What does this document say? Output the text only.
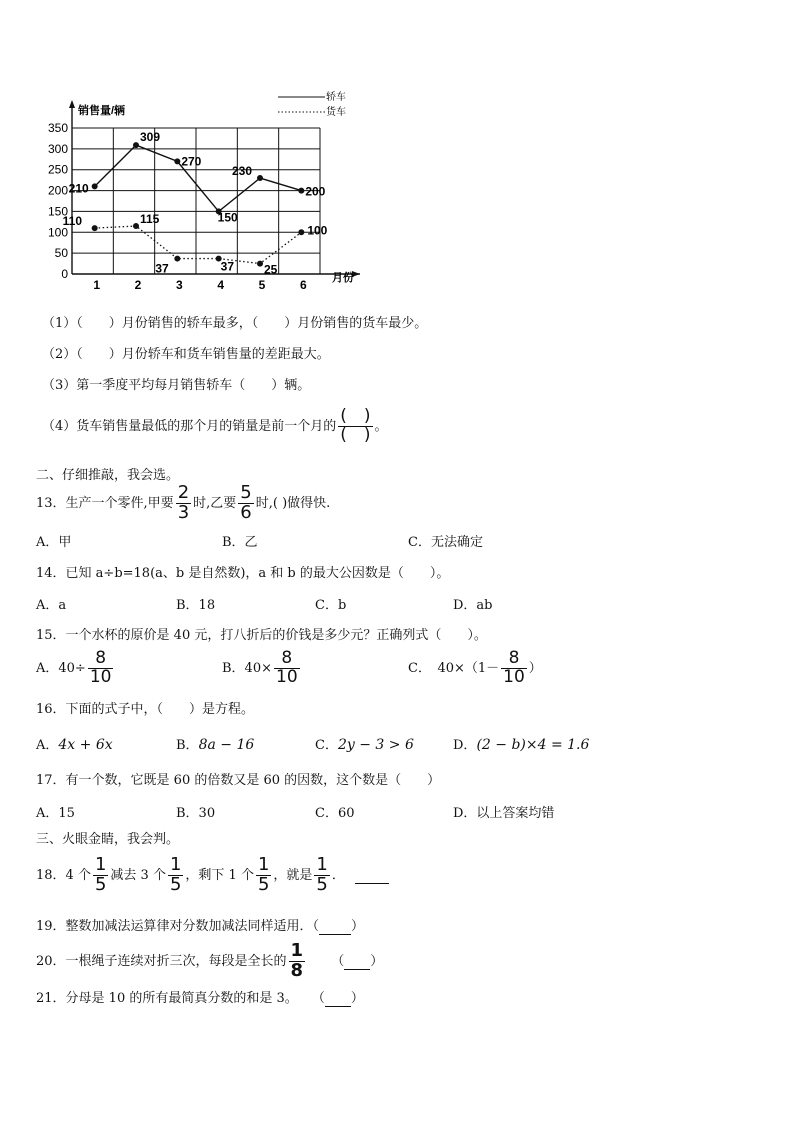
350
300
250
200
150
100
50
0
1	2	3	4	5	6
210
309
270
150
230
200
110	115
37	37 25
100
销售量/辆
月份
轿车
货车
（1）（　　）月份销售的轿车最多，（　　）月份销售的货车最少。
（2）（　　）月份轿车和货车销售量的差距最大。
（3）第一季度平均每月销售轿车（　　）辆。
（4）货车销售量最低的那个月的销量是前一个月的 $\frac{( )}{( )}$ 。
二、仔细推敲，我会选。
13．生产一个零件,甲要 $\frac{2}{3}$ 时,乙要 $\frac{5}{6}$ 时,( )做得快.
A．甲	B．乙	C．无法确定
14．已知 a÷b=18(a、b 是自然数)，a 和 b 的最大公因数是（　　）。
A．a	B．18	C．b	D．ab
15．一个水杯的原价是 40 元，打八折后的价钱是多少元？正确列式（　　）。
A．$40\div \frac{8}{10}$	B．$40\times \frac{8}{10}$	C．　$40\times(1- \frac{8}{10}$ ）
16．下面的式子中，（　　）是方程。
A．4x + 6x	B．8a − 16	C．2y − 3 > 6	D．(2 − b)×4 = 1.6
17．有一个数，它既是 60 的倍数又是 60 的因数，这个数是（　　）
A．15	B．30	C．60	D．以上答案均错
三、火眼金睛，我会判。
18．4 个 $\frac{1}{5}$ 减去 3 个 $\frac{1}{5}$ ，剩下 1 个 $\frac{1}{5}$ ，就是 $\frac{1}{5}$ ．
19．整数加减法运算律对分数加减法同样适用．（ ）
20．一根绳子连续对折三次，每段是全长的 $\frac{1}{8}$ （ ）
21．分母是 10 的所有最简真分数的和是 3。 （ ）
